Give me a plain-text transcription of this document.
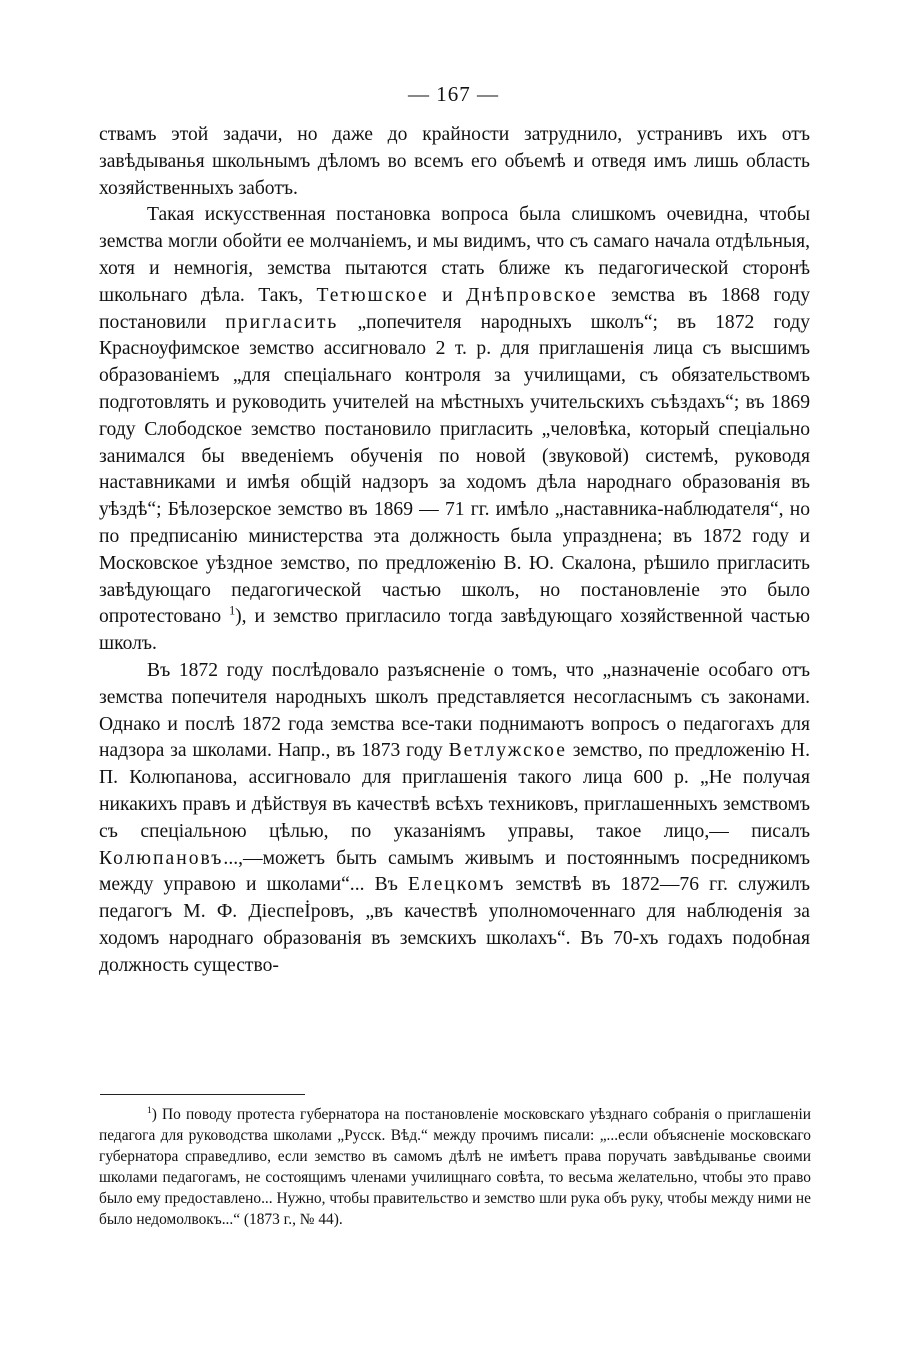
— 167 —

ствамъ этой задачи, но даже до крайности затруднило, устранивъ ихъ отъ завѣдыванья школьнымъ дѣломъ во всемъ его объемѣ и отведя имъ лишь область хозяйственныхъ заботъ.

Такая искусственная постановка вопроса была слишкомъ очевидна, чтобы земства могли обойти ее молчаніемъ, и мы видимъ, что съ самаго начала отдѣльныя, хотя и немногія, земства пытаются стать ближе къ педагогической сторонѣ школьнаго дѣла. Такъ, Тетюшское и Днѣпровское земства въ 1868 году постановили пригласить „попечителя народныхъ школъ“; въ 1872 году Красноуфимское земство ассигновало 2 т. р. для приглашенія лица съ высшимъ образованіемъ „для спеціальнаго контроля за училищами, съ обязательствомъ подготовлять и руководить учителей на мѣстныхъ учительскихъ съѣздахъ“; въ 1869 году Слободское земство постановило пригласить „человѣка, который спеціально занимался бы введеніемъ обученія по новой (звуковой) системѣ, руководя наставниками и имѣя общій надзоръ за ходомъ дѣла народнаго образованія въ уѣздѣ“; Бѣлозерское земство въ 1869 — 71 гг. имѣло „наставника-наблюдателя“, но по предписанію министерства эта должность была упразднена; въ 1872 году и Московское уѣздное земство, по предложенію В. Ю. Скалона, рѣшило пригласить завѣдующаго педагогической частью школъ, но постановленіе это было опротестовано $^1$), и земство пригласило тогда завѣдующаго хозяйственной частью школъ.

Въ 1872 году послѣдовало разъясненіе о томъ, что „назначеніе особаго отъ земства попечителя народныхъ школъ представляется несогласнымъ съ законами. Однако и послѣ 1872 года земства все-таки поднимаютъ вопросъ о педагогахъ для надзора за школами. Напр., въ 1873 году Ветлужское земство, по предложенію Н. П. Колюпанова, ассигновало для приглашенія такого лица 600 р. „Не получая никакихъ правъ и дѣйствуя въ качествѣ всѣхъ техниковъ, приглашенныхъ земствомъ съ спеціальною цѣлью, по указаніямъ управы, такое лицо,— писалъ Колюпановъ...,—можетъ быть самымъ живымъ и постояннымъ посредникомъ между управою и школами“... Въ Елецкомъ земствѣ въ 1872—76 гг. служилъ педагогъ М. Ф. Діеспеİровъ, „въ качествѣ уполномоченнаго для наблюденія за ходомъ народнаго образованія въ земскихъ школахъ“. Въ 70-хъ годахъ подобная должность существо-

$^1$) По поводу протеста губернатора на постановленіе московскаго уѣзднаго собранія о приглашеніи педагога для руководства школами „Русск. Вѣд.“ между прочимъ писали: „...если объясненіе московскаго губернатора справедливо, если земство въ самомъ дѣлѣ не имѣетъ права поручать завѣдыванье своими школами педагогамъ, не состоящимъ членами училищнаго совѣта, то весьма желательно, чтобы это право было ему предоставлено... Нужно, чтобы правительство и земство шли рука объ руку, чтобы между ними не было недомолвокъ...“ (1873 г., № 44).
